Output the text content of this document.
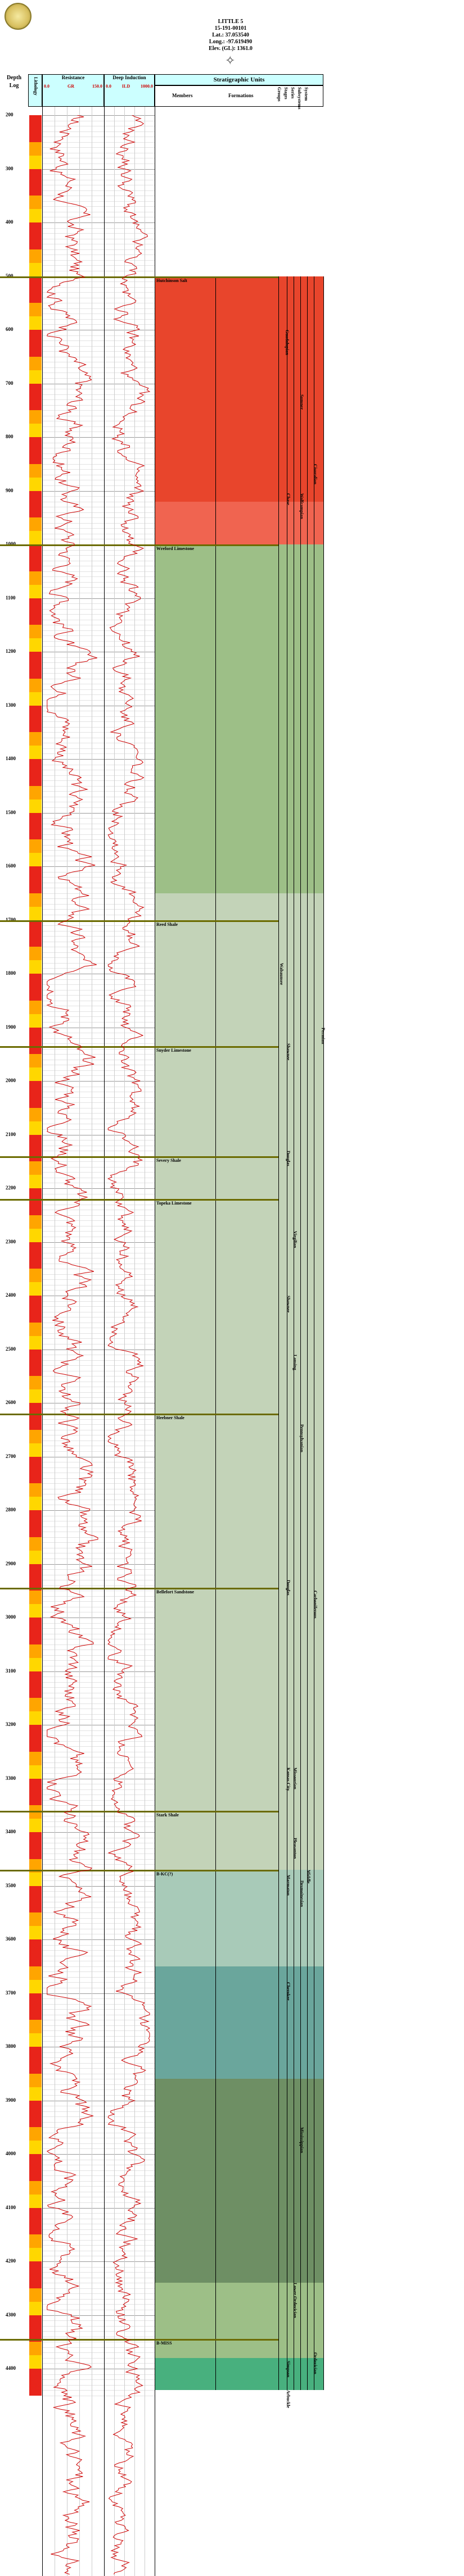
LITTLE 5
15-191-00101
Lat.: 37.053540
Long.: -97.619490
Elev. (GL): 1361.0
✧
Depth
Log	Lithology	Resistance
0.0	GR	150.0
Deep Induction
0.0 ILD 1000.0
Stratigraphic Units
Members	Formations	Groups Stages Series Subsystems System
200
300
400
500
600
700
800
900
1000
1100
1200
1300
1400
1500
1600
1700
1800
1900
2000
2100
2200
2300
2400
2500
2600
2700
2800
2900
3000
3100
3200
3300
3400
3500
3600
3700
3800
3900
4000
4100
4200
4300
4400
Hutchinson Salt
Wreford Limestone
Reed Shale
Snyder Limestone
Severy Shale
Topeka Limestone
Heebner Shale
Bellefort Sandstone
Stark Shale
B-KC(?)
B-MISS
Guadalupian
Sumner
Permian
Cisuralian
Chase Wolfcampian
Wabaunsee
Shawnee
Douglas
Virgilian
Shawnee
Lansing
Pennsylvanian
Carboniferous
Douglas
Kansas City Missourian
Pleasanton
Marmaton Desmoinesian
Middle
Cherokee
Mississippian
Lower Ordovician
Simpson	Ordovician
Arbuckle
